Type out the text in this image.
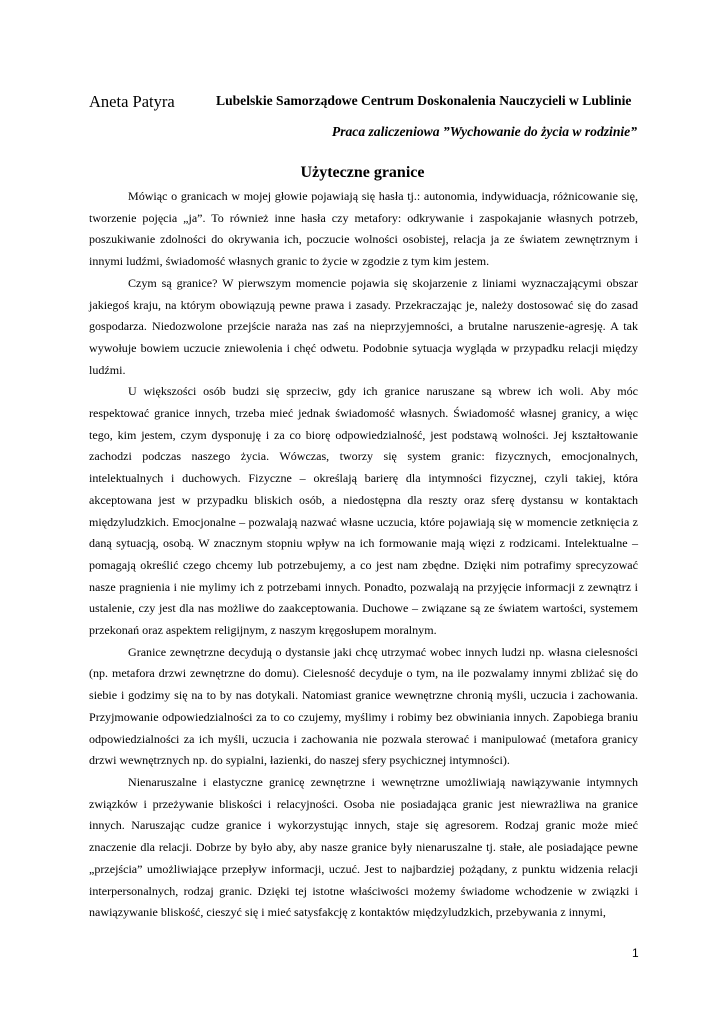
Aneta Patyra	Lubelskie Samorządowe Centrum Doskonalenia Nauczycieli w Lublinie
Praca zaliczeniowa ”Wychowanie do życia w rodzinie”
Użyteczne granice

Mówiąc o granicach w mojej głowie pojawiają się hasła tj.: autonomia, indywiduacja, różnicowanie się, tworzenie pojęcia „ja”. To również inne hasła czy metafory: odkrywanie i zaspokajanie własnych potrzeb, poszukiwanie zdolności do okrywania ich, poczucie wolności osobistej, relacja ja ze światem zewnętrznym i innymi ludźmi, świadomość własnych granic to życie w zgodzie z tym kim jestem.

Czym są granice? W pierwszym momencie pojawia się skojarzenie z liniami wyznaczającymi obszar jakiegoś kraju, na którym obowiązują pewne prawa i zasady. Przekraczając je, należy dostosować się do zasad gospodarza. Niedozwolone przejście naraża nas zaś na nieprzyjemności, a brutalne naruszenie-agresję. A tak wywołuje bowiem uczucie zniewolenia i chęć odwetu. Podobnie sytuacja wygląda w przypadku relacji między ludźmi.

U większości osób budzi się sprzeciw, gdy ich granice naruszane są wbrew ich woli. Aby móc respektować granice innych, trzeba mieć jednak świadomość własnych. Świadomość własnej granicy, a więc tego, kim jestem, czym dysponuję i za co biorę odpowiedzialność, jest podstawą wolności. Jej kształtowanie zachodzi podczas naszego życia. Wówczas, tworzy się system granic: fizycznych, emocjonalnych, intelektualnych i duchowych. Fizyczne – określają barierę dla intymności fizycznej, czyli takiej, która akceptowana jest w przypadku bliskich osób, a niedostępna dla reszty oraz sferę dystansu w kontaktach międzyludzkich. Emocjonalne – pozwalają nazwać własne uczucia, które pojawiają się w momencie zetknięcia z daną sytuacją, osobą. W znacznym stopniu wpływ na ich formowanie mają więzi z rodzicami. Intelektualne – pomagają określić czego chcemy lub potrzebujemy, a co jest nam zbędne. Dzięki nim potrafimy sprecyzować nasze pragnienia i nie mylimy ich z potrzebami innych. Ponadto, pozwalają na przyjęcie informacji z zewnątrz i ustalenie, czy jest dla nas możliwe do zaakceptowania. Duchowe – związane są ze światem wartości, systemem przekonań oraz aspektem religijnym, z naszym kręgosłupem moralnym.

Granice zewnętrzne decydują o dystansie jaki chcę utrzymać wobec innych ludzi np. własna cielesności (np. metafora drzwi zewnętrzne do domu). Cielesność decyduje o tym, na ile pozwalamy innymi zbliżać się do siebie i godzimy się na to by nas dotykali. Natomiast granice wewnętrzne chronią myśli, uczucia i zachowania. Przyjmowanie odpowiedzialności za to co czujemy, myślimy i robimy bez obwiniania innych. Zapobiega braniu odpowiedzialności za ich myśli, uczucia i zachowania nie pozwala sterować i manipulować (metafora granicy drzwi wewnętrznych np. do sypialni, łazienki, do naszej sfery psychicznej intymności).

Nienaruszalne i elastyczne granicę zewnętrzne i wewnętrzne umożliwiają nawiązywanie intymnych związków i przeżywanie bliskości i relacyjności. Osoba nie posiadająca granic jest niewrażliwa na granice innych. Naruszając cudze granice i wykorzystując innych, staje się agresorem. Rodzaj granic może mieć znaczenie dla relacji. Dobrze by było aby, aby nasze granice były nienaruszalne tj. stałe, ale posiadające pewne „przejścia” umożliwiające przepływ informacji, uczuć. Jest to najbardziej pożądany, z punktu widzenia relacji interpersonalnych, rodzaj granic. Dzięki tej istotne właściwości możemy świadome wchodzenie w związki i nawiązywanie bliskość, cieszyć się i mieć satysfakcję z kontaktów międzyludzkich, przebywania z innymi,

1
